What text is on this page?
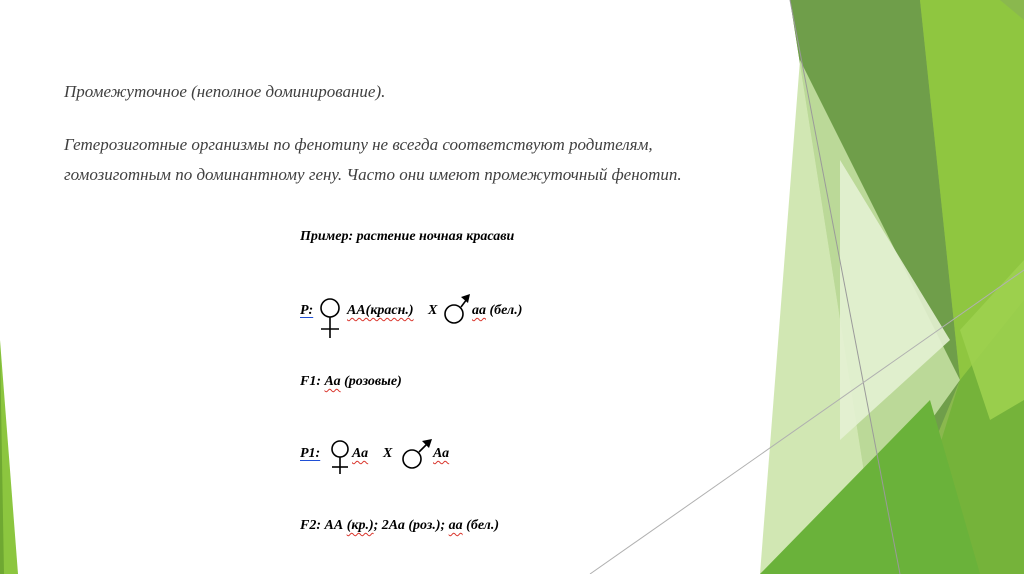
Промежуточное (неполное доминирование).
Гетерозиготные организмы по фенотипу не всегда соответствуют родителям, гомозиготным по доминантному гену. Часто они имеют промежуточный фенотип.
Пример: растение ночная красави
P: АА(красн.) X аа (бел.)
F1: Аа (розовые)
P1: Аа X	Аа
F2: АА (кр.); 2Аа (роз.); аа (бел.)
